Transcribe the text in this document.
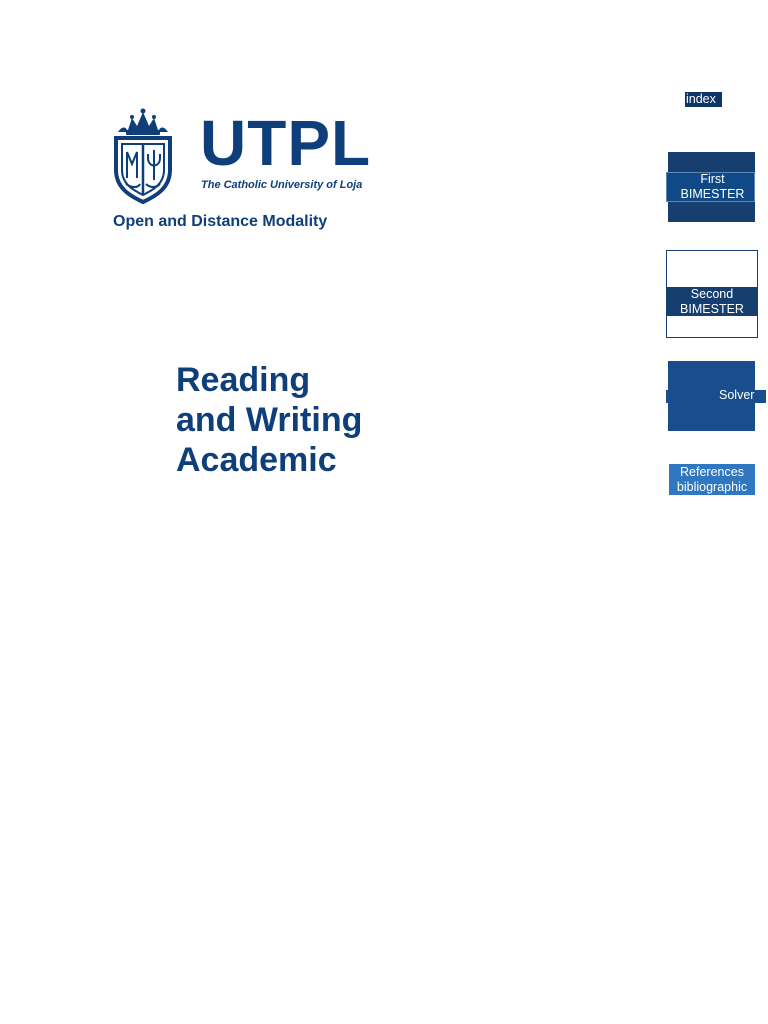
UTPL
The Catholic University of Loja
Open and Distance Modality
Reading
and Writing
Academic
index
First
BIMESTER
Second
BIMESTER
Solver
References
bibliographic
